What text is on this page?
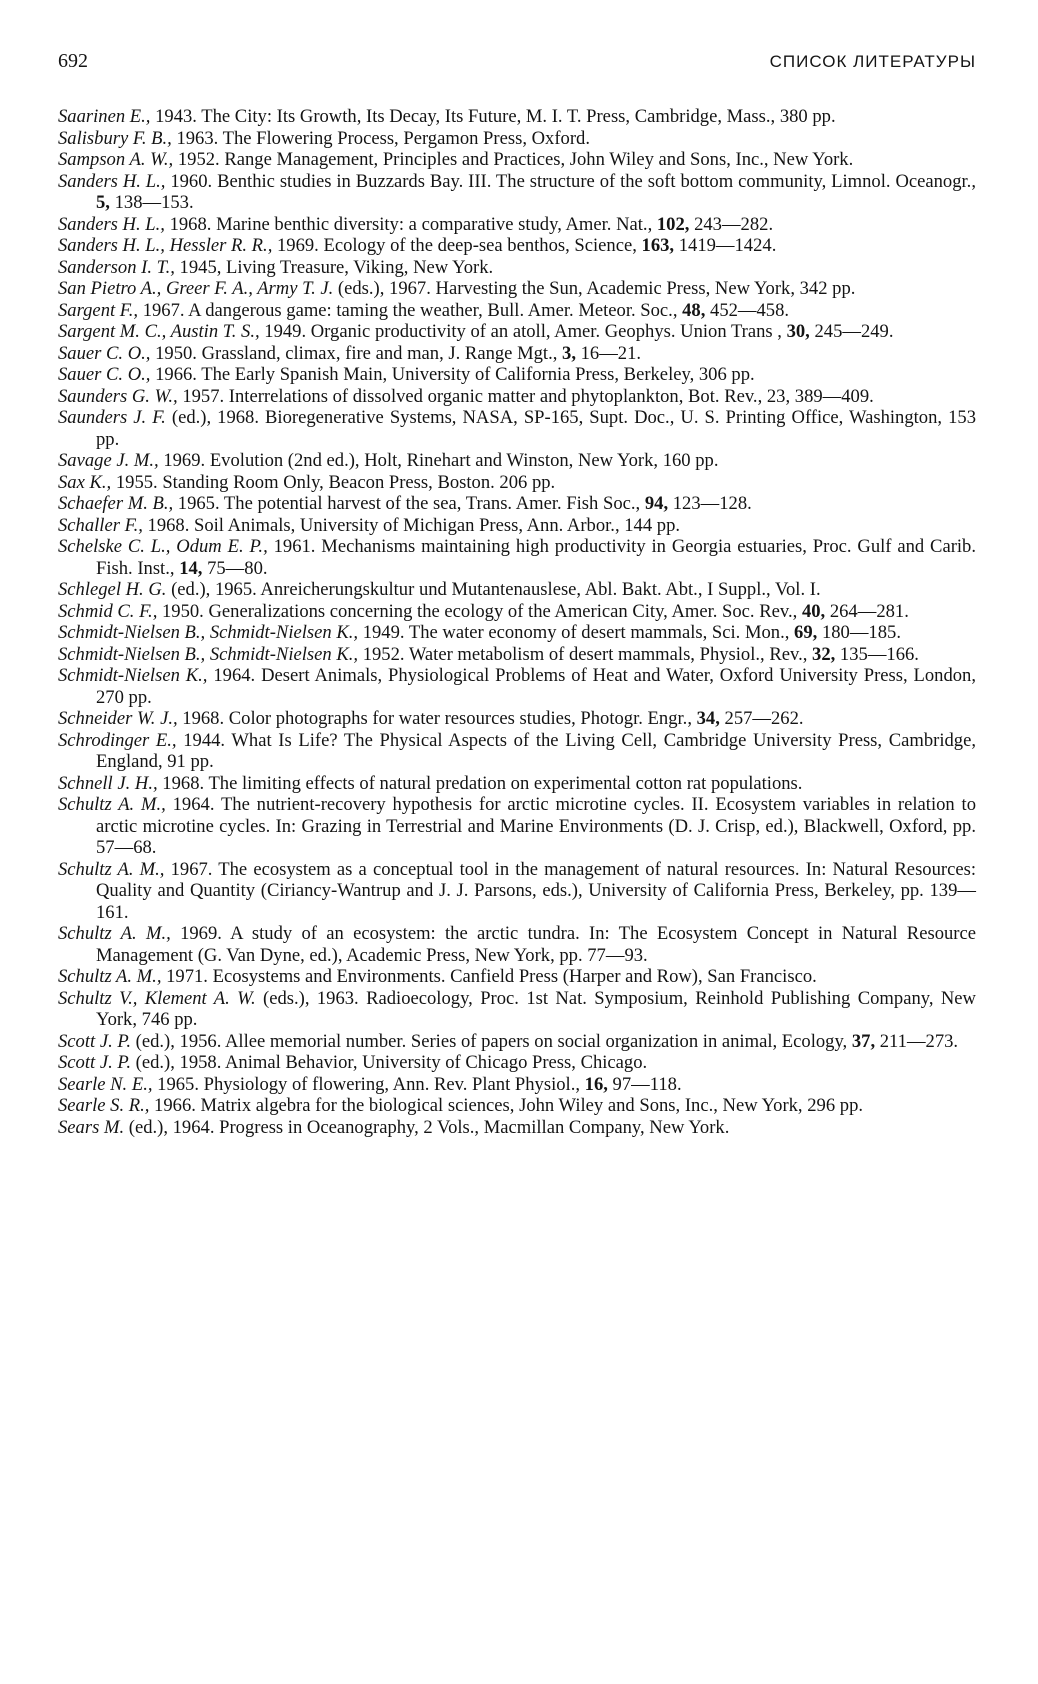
692	СПИСОК ЛИТЕРАТУРЫ
Saarinen E., 1943. The City: Its Growth, Its Decay, Its Future, M. I. T. Press, Cambridge, Mass., 380 pp.
Salisbury F. B., 1963. The Flowering Process, Pergamon Press, Oxford.
Sampson A. W., 1952. Range Management, Principles and Practices, John Wiley and Sons, Inc., New York.
Sanders H. L., 1960. Benthic studies in Buzzards Bay. III. The structure of the soft bottom community, Limnol. Oceanogr., 5, 138—153.
Sanders H. L., 1968. Marine benthic diversity: a comparative study, Amer. Nat., 102, 243—282.
Sanders H. L., Hessler R. R., 1969. Ecology of the deep-sea benthos, Science, 163, 1419—1424.
Sanderson I. T., 1945, Living Treasure, Viking, New York.
San Pietro A., Greer F. A., Army T. J. (eds.), 1967. Harvesting the Sun, Academic Press, New York, 342 pp.
Sargent F., 1967. A dangerous game: taming the weather, Bull. Amer. Meteor. Soc., 48, 452—458.
Sargent M. C., Austin T. S., 1949. Organic productivity of an atoll, Amer. Geophys. Union Trans , 30, 245—249.
Sauer C. O., 1950. Grassland, climax, fire and man, J. Range Mgt., 3, 16—21.
Sauer C. O., 1966. The Early Spanish Main, University of California Press, Berkeley, 306 pp.
Saunders G. W., 1957. Interrelations of dissolved organic matter and phytoplankton, Bot. Rev., 23, 389—409.
Saunders J. F. (ed.), 1968. Bioregenerative Systems, NASA, SP-165, Supt. Doc., U. S. Printing Office, Washington, 153 pp.
Savage J. M., 1969. Evolution (2nd ed.), Holt, Rinehart and Winston, New York, 160 pp.
Sax K., 1955. Standing Room Only, Beacon Press, Boston. 206 pp.
Schaefer M. B., 1965. The potential harvest of the sea, Trans. Amer. Fish Soc., 94, 123—128.
Schaller F., 1968. Soil Animals, University of Michigan Press, Ann. Arbor., 144 pp.
Schelske C. L., Odum E. P., 1961. Mechanisms maintaining high productivity in Georgia estuaries, Proc. Gulf and Carib. Fish. Inst., 14, 75—80.
Schlegel H. G. (ed.), 1965. Anreicherungskultur und Mutantenauslese, Abl. Bakt. Abt., I Suppl., Vol. I.
Schmid C. F., 1950. Generalizations concerning the ecology of the American City, Amer. Soc. Rev., 40, 264—281.
Schmidt-Nielsen B., Schmidt-Nielsen K., 1949. The water economy of desert mammals, Sci. Mon., 69, 180—185.
Schmidt-Nielsen B., Schmidt-Nielsen K., 1952. Water metabolism of desert mammals, Physiol., Rev., 32, 135—166.
Schmidt-Nielsen K., 1964. Desert Animals, Physiological Problems of Heat and Water, Oxford University Press, London, 270 pp.
Schneider W. J., 1968. Color photographs for water resources studies, Photogr. Engr., 34, 257—262.
Schrodinger E., 1944. What Is Life? The Physical Aspects of the Living Cell, Cambridge University Press, Cambridge, England, 91 pp.
Schnell J. H., 1968. The limiting effects of natural predation on experimental cotton rat populations.
Schultz A. M., 1964. The nutrient-recovery hypothesis for arctic microtine cycles. II. Ecosystem variables in relation to arctic microtine cycles. In: Grazing in Terrestrial and Marine Environments (D. J. Crisp, ed.), Blackwell, Oxford, pp. 57—68.
Schultz A. M., 1967. The ecosystem as a conceptual tool in the management of natural resources. In: Natural Resources: Quality and Quantity (Ciriancy-Wantrup and J. J. Parsons, eds.), University of California Press, Berkeley, pp. 139—161.
Schultz A. M., 1969. A study of an ecosystem: the arctic tundra. In: The Ecosystem Concept in Natural Resource Management (G. Van Dyne, ed.), Academic Press, New York, pp. 77—93.
Schultz A. M., 1971. Ecosystems and Environments. Canfield Press (Harper and Row), San Francisco.
Schultz V., Klement A. W. (eds.), 1963. Radioecology, Proc. 1st Nat. Symposium, Reinhold Publishing Company, New York, 746 pp.
Scott J. P. (ed.), 1956. Allee memorial number. Series of papers on social organization in animal, Ecology, 37, 211—273.
Scott J. P. (ed.), 1958. Animal Behavior, University of Chicago Press, Chicago.
Searle N. E., 1965. Physiology of flowering, Ann. Rev. Plant Physiol., 16, 97—118.
Searle S. R., 1966. Matrix algebra for the biological sciences, John Wiley and Sons, Inc., New York, 296 pp.
Sears M. (ed.), 1964. Progress in Oceanography, 2 Vols., Macmillan Company, New York.
